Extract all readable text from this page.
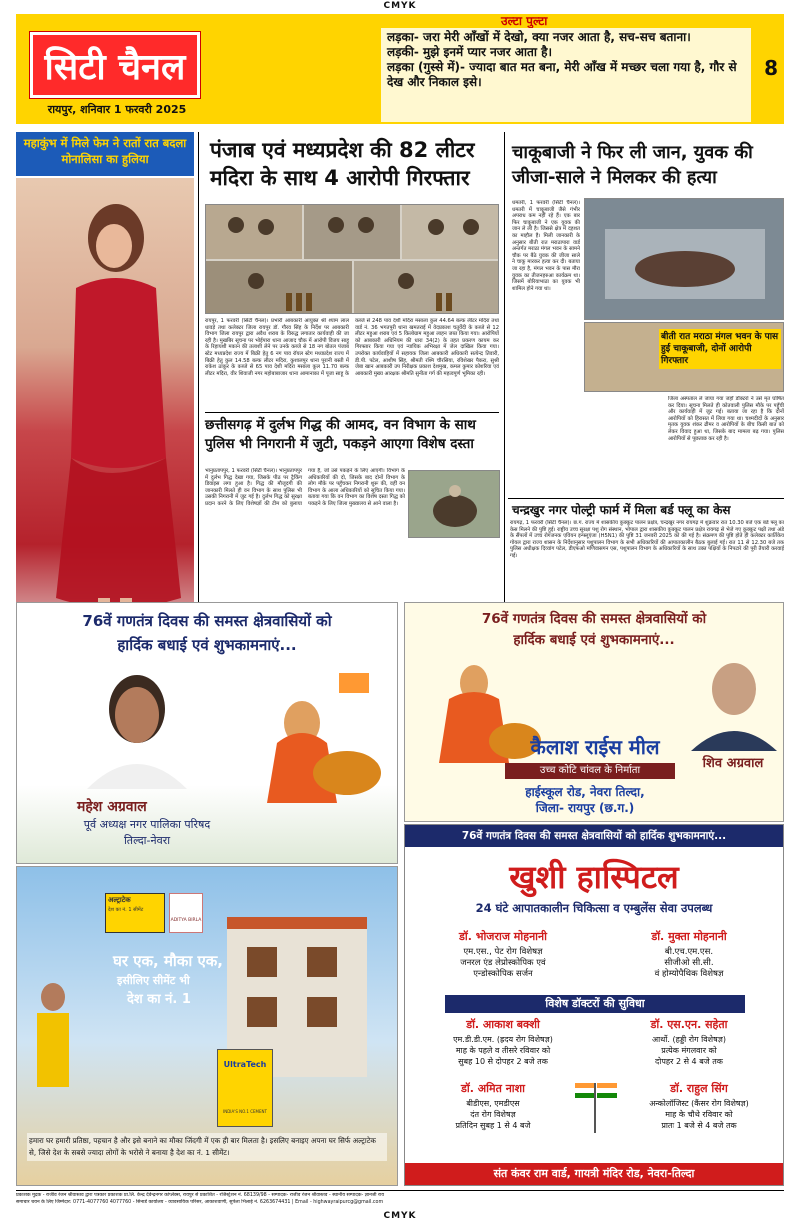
CMYK
सिटी चैनल
रायपुर, शनिवार 1 फरवरी 2025
उल्टा पुल्टा
लड़का- जरा मेरी आँखों में देखो, क्या नजर आता है, सच-सच बताना।
लड़की- मुझे इनमें प्यार नजर आता है।
लड़का (गुस्से में)- ज्यादा बात मत बना, मेरी आँख में मच्छर चला गया है, गौर से देख और निकाल इसे।
8
महाकुंभ में मिले फेम ने रातों रात बदला मोनालिसा का हुलिया	पंजाब एवं मध्यप्रदेश की 82 लीटर मदिरा के साथ 4 आरोपी गिरफ्तार
रायपुर, 1 फरवरी (सिटी चैनल)। प्रभारी आबकारी आयुक्त श्री श्याम लाल धावड़े तथा कलेक्टर जिला रायपुर डॉ. गौरव सिंह के निर्देश पर आबकारी विभाग जिला रायपुर द्वारा अवैध शराब के विरुद्ध लगातार कार्यवाही की जा रही है। मुखबिर सूचना पर भोईपारा थाना आजाद चौक में आरोपी विजय साहू के रिहायशी मकान की तलाशी लेने पर उनके कब्जे से 18 नग बोतल पंजाब स्टेट मध्यप्रदेश राज्य में बिक्री हेतु 6 नग पाव रॉयल स्टेग मध्यप्रदेश राज्य में बिक्री हेतु कुल 14.58 बल्क लीटर मदिरा, कुशालपुर थाना पुरानी बस्ती में राकेश ठाकुर के कब्जे से 65 पाव देशी मदिरा मसाला कुल 11.70 बल्क लीटर मदिरा, वीर शिवाजी नगर महोबाबाजार थाना आमानाका में पूजा साहू के कब्जे से 248 पाव देशी मदिरा मसाला कुल 44.64 बल्क लीटर मदिरा तथा वार्ड नं. 36 भगतपुरी थाना खमतराई में वेदप्रकाश चतुर्वेदी के कब्जे से 12 लीटर महुआ शराब एवं 5 किलोग्राम महुआ लाहन जब्त किया गया। आरोपियों को आबकारी अधिनियम की धारा 34(2) के तहत प्रकरण कायम कर गिरफ्तार किया गया एवं न्यायिक अभिरक्षा में जेल दाखिल किया गया। उपरोक्त कार्यवाहियों में सहायक जिला आबकारी अधिकारी सत्येन्द्र तिवारी, डी.पी. पटेल, आशीष सिंह, श्रीमती रश्मि चौरसिया, रविशेखर पैकरा, सुश्री जेबा खान आबकारी उप निरीक्षक प्रकाश देशमुख, कमल कुमार कोशरिया एवं आबकारी मुख्य आरक्षक श्रीमति सुनीता गर्ग की महत्वपूर्ण भूमिका रही।
छत्तीसगढ़ में दुर्लभ गिद्ध की आमद, वन विभाग के साथ पुलिस भी निगरानी में जुटी, पकड़ने आएगा विशेष दस्ता
भानुप्रतापपुर, 1 फरवरी (सिटी चैनल)। भानुप्रतापपुर में दुर्लभ गिद्ध देखा गया, जिसके पीठ पर ट्रैकिंग डिवाइस लगा हुआ है। गिद्ध की मौजूदगी की जानकारी मिलते ही वन विभाग के साथ पुलिस भी उसकी निगरानी में जुट गई है। दुर्लभ गिद्ध को सुरक्षा प्रदान करने के लिए विशेषज्ञों की टीम को बुलाया गया है, जो उसे पकड़ने के लिए आएगी। विभाग के अधिकारियों की दो, जिसके बाद दोनों विभाग के लोग मौके पर पहुँचकर निगरानी शुरू की, वहीं वन विभाग के आला अधिकारियों को सूचित किया गया। बताया गया कि वन विभाग का विशेष दस्ता गिद्ध को पकड़ने के लिए जिला मुख्यालय से आने वाला है।
चाकूबाजी ने फिर ली जान, युवक की जीजा-साले ने मिलकर की हत्या
धमतरी, 1 फरवरी (सिटी चैनल)। धमतरी में चाकूबाजी जैसे गंभीर अपराध कम नहीं रहे हैं। एक बार फिर चाकूबाजी ने एक युवक की जान ले ली है। जिससे क्षेत्र में दहशत का माहौल है। मिली जानकारी के अनुसार बीती रात मराठापारा वार्ड अन्तर्गत मराठा मंगल भवन के सामने चौक पर बैठे युवक की जीजा साले ने चाकू मारकर हत्या कर दी। बताया जा रहा है, मंगल भवन के पास मौरा युवक का तीजनहरुआ कार्यक्रम था। जिसमें बोरियाभाठा का युवक भी शामिल होने गया था।
बीती रात मराठा मंगल भवन के पास हुई चाकूबाजी, दोनों आरोपी गिरफ्तार
जिला अस्पताल ले जाया गया जहाँ डॉक्टरों ने उसे मृत घोषित कर दिया। सूचना मिलते ही कोतवाली पुलिस मौके पर पहुँची और कार्यवाही में जुट गई। बताया जा रहा है कि दोनों आरोपियों को हिरासत में लिया गया था। चश्मदीदों के अनुसार मृतक युवक शंकर ढीमर व आरोपियों के बीच किसी बात को लेकर विवाद हुआ था, जिसके बाद मामला बढ़ गया। पुलिस आरोपियों से पूछताछ कर रही है।
चन्द्रखुर नगर पोल्ट्री फार्म में मिला बर्ड फ्लू का केस
रायगढ़, 1 फरवरी (सिटी चैनल)। छ.ग. राज्य में शासकीय कुक्कुट पालन प्रक्षेत्र, चन्द्रखुर नगर रायगढ़ में शुक्रवार रात 10.30 बजे एक बर्ड फ्लू का केस मिलने की पुष्टि हुई। राष्ट्रीय उच्च सुरक्षा पशु रोग संस्थान, भोपाल द्वारा शासकीय कुक्कुट पालन प्रक्षेत्र रायगढ़ से भेजे गए कुक्कुट पक्षी तथा अंडे के सैंपलों में उच्च रोगजनक एवियन इन्फ्लूएंजा (H5N1) की पुष्टि 31 जनवरी 2025 को की गई है। संक्रमण की पुष्टि होते ही कलेक्टर कार्तिकेय गोयल द्वारा राज्य शासन के निर्देशानुसार पशुपालन विभाग के सभी अधिकारियों की आपातकालीन बैठक बुलाई गई। रात 11 से 12.30 बजे तक पुलिस अधीक्षक दिव्यांग पटेल, डीएफओ मणिवासगन एस, पशुपालन विभाग के अधिकारियों के साथ उक्त पक्षियों के निपटारे की पूरी तैयारी करवाई गई।
76वें गणतंत्र दिवस की समस्त क्षेत्रवासियों को
हार्दिक बधाई एवं शुभकामनाएं...
महेश अग्रवाल
पूर्व अध्यक्ष नगर पालिका परिषद
तिल्दा-नेवरा
76वें गणतंत्र दिवस की समस्त क्षेत्रवासियों को
हार्दिक बधाई एवं शुभकामनाएं...
कैलाश राईस मील
उच्च कोटि चांवल के निर्माता
हाईस्कूल रोड, नेवरा तिल्दा,
जिला- रायपुर (छ.ग.)
शिव अग्रवाल
अल्ट्राटेक
देश का नं. 1 सीमेंट
ADITYA BIRLA
घर एक, मौका एक,
इसीलिए सीमेंट भी
देश का नं. 1
UltraTech
INDIA'S NO.1 CEMENT
हमारा घर हमारी प्रतिष्ठा, पहचान है और इसे बनाने का मौका जिंदगी में एक ही बार मिलता है। इसलिए बनाइए अपना घर सिर्फ अल्ट्राटेक से, जिसे देश के सबसे ज्यादा लोगों के भरोसे ने बनाया है देश का नं. 1 सीमेंट।
76वें गणतंत्र दिवस की समस्त क्षेत्रवासियों को हार्दिक शुभकामनाएं...
खुशी हास्पिटल
24 घंटे आपातकालीन चिकित्सा व एम्बुलेंस सेवा उपलब्ध
डॉ. भोजराज मोहनानी
एम.एस., पेट रोग विशेषज्ञ
जनरल एंड लेप्रोस्कोपिक एवं
एन्डोस्कोपिक सर्जन
डॉ. मुक्ता मोहनानी
बी.एच.एम.एस.
सीजीओ सी.सी.
वं होम्योपैथिक विशेषज्ञ
विशेष डॉक्टरों की सुविधा
डॉ. आकाश बक्शी
एम.डी.डी.एम. (ह्रदय रोग विशेषज्ञ)
माह के पहले व तीसरे रविवार को
सुबह 10 से दोपहर 2 बजे तक
डॉ. एस.एन. सहेता
आर्थो. (हड्डी रोग विशेषज्ञ)
प्रत्येक मंगलवार को
दोपहर 2 से 4 बजे तक
डॉ. अमित नाशा
बीडीएस, एमडीएस
दंत रोग विशेषज्ञ
प्रतिदिन सुबह 1 से 4 बजे
डॉ. राहुल सिंग
अन्कोलॉजिस्ट (कैंसर रोग विशेषज्ञ)
माह के चौथे रविवार को
प्रातः 1 बजे से 4 बजे तक
संत कंवर राम वार्ड, गायत्री मंदिर रोड, नेवरा-तिल्दा
प्रकाशक मुद्रक - राजीव रंजन श्रीवास्तव द्वारा पत्रकार प्रकाशक प्रा.लि. केन्द्र देवेन्द्रनगर कांप्लेक्स, रायपुर से प्रकाशित - रजिस्ट्रेशन नं. 68139/98 - सम्पादक- राजीव रंजन श्रीवास्तव - स्थानीय सम्पादक- ज्ञानजी राय
समाचार चयन के लिए जिम्मेदार: 0771-4077760 4077760 - सिनार्ड कार्यालय - व्यावसायिक परिसर, आकाशवाणी, सुपेला भिलाई नं. 6263674431 | Email - highwayraipurcg@gmail.com
CMYK
